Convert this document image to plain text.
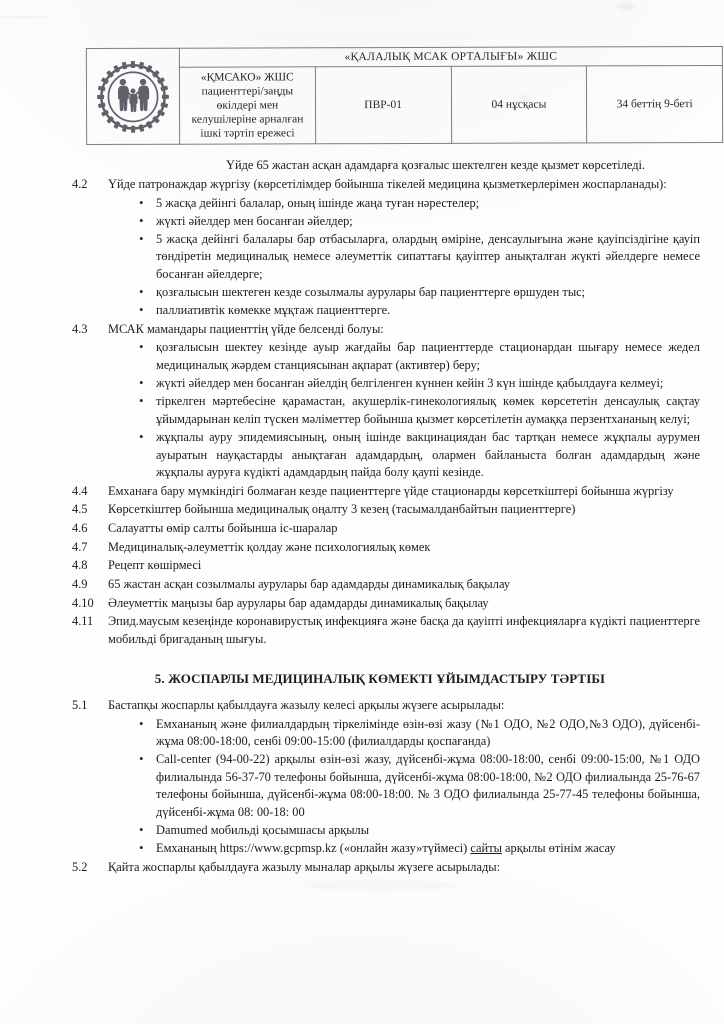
	«ҚАЛАЛЫҚ МСАК ОРТАЛЫҒЫ» ЖШС			
	«ҚМСАКО» ЖШС пациенттері/заңды өкілдері мен келушілеріне арналған ішкі тәртіп ережесі	ПВР-01	04 нұсқасы	34 беттің 9-беті

Үйде 65 жастан асқан адамдарға қозғалыс шектелген кезде қызмет көрсетіледі.

4.2	Үйде патронаждар жүргізу (көрсетілімдер бойынша тікелей медицина қызметкерлерімен жоспарланады):
• 5 жасқа дейінгі балалар, оның ішінде жаңа туған нәрестелер;
• жүкті әйелдер мен босанған әйелдер;
• 5 жасқа дейінгі балалары бар отбасыларға, олардың өміріне, денсаулығына және қауіпсіздігіне қауіп төндіретін медициналық немесе әлеуметтік сипаттағы қауіптер анықталған жүкті әйелдерге немесе босанған әйелдерге;
• қозғалысын шектеген кезде созылмалы аурулары бар пациенттерге өршуден тыс;
• паллиативтік көмекке мұқтаж пациенттерге.
4.3	МСАК мамандары пациенттің үйде белсенді болуы:
• қозғалысын шектеу кезінде ауыр жағдайы бар пациенттерде стационардан шығару немесе жедел медициналық жәрдем станциясынан ақпарат (активтер) беру;
• жүкті әйелдер мен босанған әйелдің белгіленген күннен кейін 3 күн ішінде қабылдауға келмеуі;
• тіркелген мәртебесіне қарамастан, акушерлік-гинекологиялық көмек көрсететін денсаулық сақтау ұйымдарынан келіп түскен мәліметтер бойынша қызмет көрсетілетін аумаққа перзентхананың келуі;
• жұқпалы ауру эпидемиясының, оның ішінде вакцинациядан бас тартқан немесе жұқпалы аурумен ауыратын науқастарды анықтаған адамдардың, олармен байланыста болған адамдардың және жұқпалы ауруға күдікті адамдардың пайда болу қаупі кезінде.
4.4	Емханаға бару мүмкіндігі болмаған кезде пациенттерге үйде стационарды көрсеткіштері бойынша жүргізу
4.5	Көрсеткіштер бойынша медициналық оңалту 3 кезең (тасымалданбайтын пациенттерге)
4.6	Салауатты өмір салты бойынша іс-шаралар
4.7	Медициналық-әлеуметтік қолдау және психологиялық көмек
4.8	Рецепт көшірмесі
4.9	65 жастан асқан созылмалы аурулары бар адамдарды динамикалық бақылау
4.10	Әлеуметтік маңызы бар аурулары бар адамдарды динамикалық бақылау
4.11	Эпид.маусым кезеңінде коронавирустық инфекцияға және басқа да қауіпті инфекцияларға күдікті пациенттерге мобильді бригаданың шығуы.
5. ЖОСПАРЛЫ МЕДИЦИНАЛЫҚ КӨМЕКТІ ҰЙЫМДАСТЫРУ ТӘРТІБІ
5.1	Бастапқы жоспарлы қабылдауға жазылу келесі арқылы жүзеге асырылады:
• Емхананың және филиалдардың тіркелімінде өзін-өзі жазу (№1 ОДО, №2 ОДО,№3 ОДО), дүйсенбі-жұма 08:00-18:00, сенбі 09:00-15:00 (филиалдарды қоспағанда)
• Call-center (94-00-22) арқылы өзін-өзі жазу, дүйсенбі-жұма 08:00-18:00, сенбі 09:00-15:00, №1 ОДО филиалында 56-37-70 телефоны бойынша, дүйсенбі-жұма 08:00-18:00, №2 ОДО филиалында 25-76-67 телефоны бойынша, дүйсенбі-жұма 08:00-18:00. № 3 ОДО филиалында 25-77-45 телефоны бойынша, дүйсенбі-жұма 08: 00-18: 00
• Damumed мобильді қосымшасы арқылы
• Емхананың https://www.gcpmsp.kz («онлайн жазу»түймесі) сайты арқылы өтінім жасау
5.2	Қайта жоспарлы қабылдауға жазылу мыналар арқылы жүзеге асырылады:
